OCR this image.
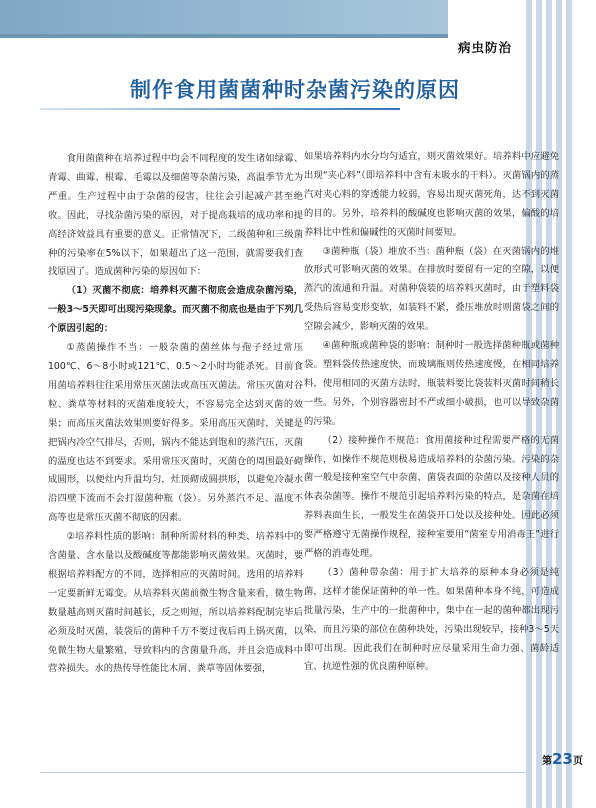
病虫防治
制作食用菌菌种时杂菌污染的原因

食用菌菌种在培养过程中均会不同程度的发生诸如绿霉、青霉、曲霉、根霉、毛霉以及细菌等杂菌污染，高温季节尤为严重。生产过程中由于杂菌的侵害，往往会引起减产甚至绝收。因此，寻找杂菌污染的原因，对于提高栽培的成功率和提高经济效益具有重要的意义。正常情况下，二级菌种和三级菌种的污染率在5%以下，如果超出了这一范围，就需要我们查找原因了。造成菌种污染的原因如下：

（1）灭菌不彻底：培养料灭菌不彻底会造成杂菌污染，一般3～5天即可出现污染现象。而灭菌不彻底也是由于下列几个原因引起的：

①蒸菌操作不当：一般杂菌的菌丝体与孢子经过常压100℃、6～8小时或121℃、0.5～2小时均能杀死。目前食用菌培养料往往采用常压灭菌法或高压灭菌法。常压灭菌对谷粒、粪草等材料的灭菌难度较大，不容易完全达到灭菌的效果；而高压灭菌法效果则要好得多。采用高压灭菌时，关键是把锅内冷空气排尽，否则，锅内不能达到饱和的蒸汽压，灭菌的温度也达不到要求。采用常压灭菌时，灭菌仓的周围最好砌成圆形，以便灶内升温均匀，灶顶砌成圆拱形，以避免冷凝水沿四壁下流而不会打湿菌种瓶（袋）。另外蒸汽不足、温度不高等也是常压灭菌不彻底的因素。

②培养料性质的影响：制种所需材料的种类、培养料中的含菌量、含水量以及酸碱度等都能影响灭菌效果。灭菌时，要根据培养料配方的不同，选择相应的灭菌时间。选用的培养料一定要新鲜无霉变。从培养料灭菌前微生物含量来看，微生物数量越高则灭菌时间越长，反之则短，所以培养料配制完毕后必须及时灭菌，装袋后的菌种千万不要过夜后再上锅灭菌，以免微生物大量繁殖，导致料内的含菌量升高，并且会造成料中营养损失。水的热传导性能比木屑、粪草等固体要强，

如果培养料内水分均匀适宜，则灭菌效果好。培养料中应避免出现“夹心料”（即培养料中含有未吸水的干料）。灭菌锅内的蒸汽对夹心料的穿透能力较弱，容易出现灭菌死角，达不到灭菌的目的。另外，培养料的酸碱度也影响灭菌的效果，偏酸的培养料比中性和偏碱性的灭菌时间要短。

③菌种瓶（袋）堆放不当：菌种瓶（袋）在灭菌锅内的堆放形式可影响灭菌的效果。在排放时要留有一定的空隙，以便蒸汽的流通和升温。对菌种袋装的培养料灭菌时，由于塑料袋受热后容易变形变软，如装料不紧，叠压堆放时则菌袋之间的空隙会减少，影响灭菌的效果。

④菌种瓶或菌种袋的影响：制种时一般选择菌种瓶或菌种袋。塑料袋传热速度快，而玻璃瓶则传热速度慢，在相同培养料，使用相同的灭菌方法时，瓶装料要比袋装料灭菌时间稍长一些。另外，个别容器密封不严或细小破损，也可以导致杂菌的污染。

（2）接种操作不规范：食用菌接种过程需要严格的无菌操作，如操作不规范则极易造成培养料的杂菌污染。污染的杂菌一般是接种室空气中杂菌、菌袋表面的杂菌以及接种人员的体表杂菌等。操作不规范引起培养料污染的特点，是杂菌在培养料表面生长，一般发生在菌袋开口处以及接种处。因此必须要严格遵守无菌操作规程，接种室要用“菌室专用消毒王”进行严格的消毒处理。

（3）菌种带杂菌：用于扩大培养的原种本身必须是纯菌，这样才能保证菌种的单一性。如果菌种本身不纯，可造成批量污染，生产中的一批菌种中，集中在一起的菌种都出现污染，而且污染的部位在菌种块处，污染出现较早，接种3～5天即可出现。因此我们在制种时应尽量采用生命力强、菌龄适宜、抗逆性强的优良菌种原种。

第23页
